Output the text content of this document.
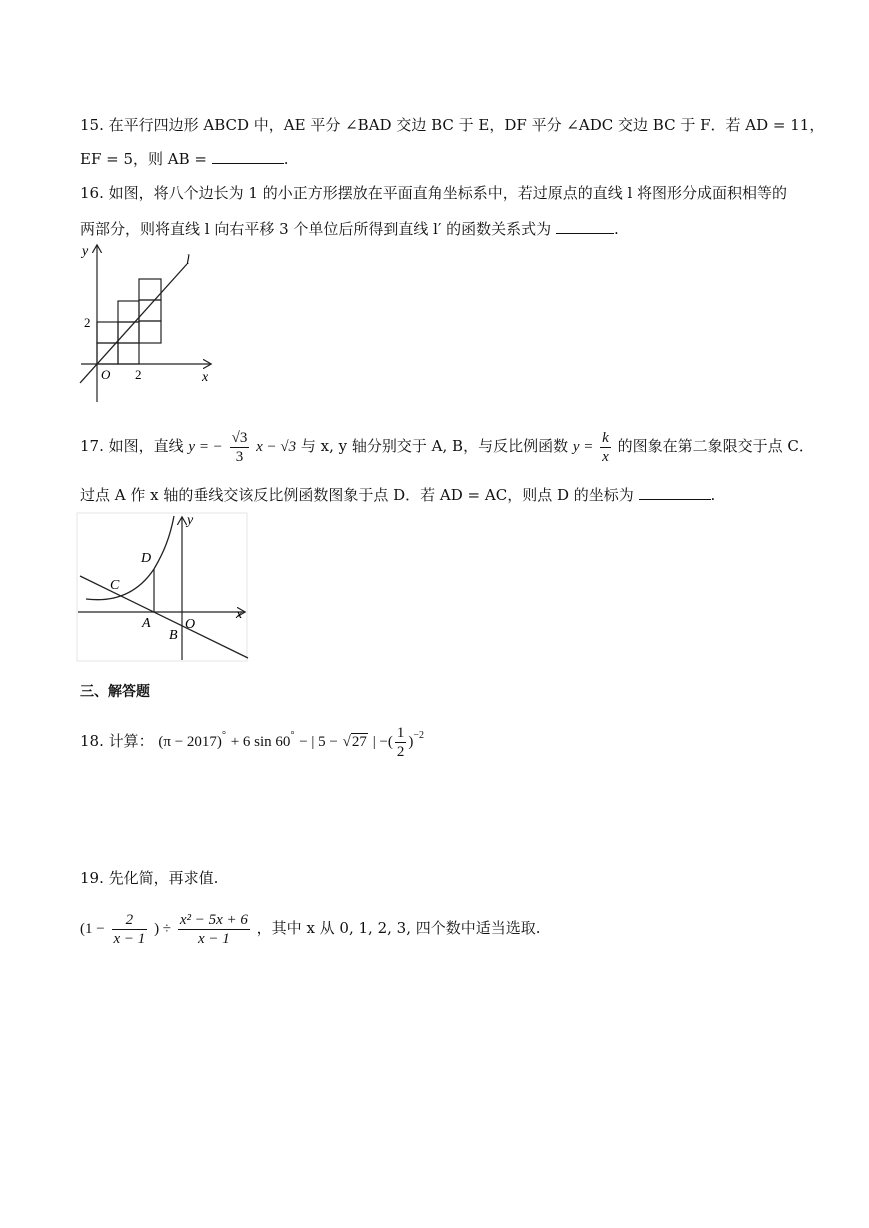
15. 在平行四边形 ABCD 中，AE 平分 ∠BAD 交边 BC 于 E，DF 平分 ∠ADC 交边 BC 于 F．若 AD = 11，
EF = 5，则 AB =	.
16. 如图，将八个边长为 1 的小正方形摆放在平面直角坐标系中，若过原点的直线 l 将图形分成面积相等的
两部分，则将直线 l 向右平移 3 个单位后所得到直线 l′ 的函数关系式为	.
y
l
2
O 2	x
17. 如图，直线 y = − $\frac{√3}{3}$ x − √3 与 x, y 轴分别交于 A, B，与反比例函数 $y = \frac{k}{x}$ 的图象在第二象限交于点 C．
过点 A 作 x 轴的垂线交该反比例函数图象于点 D．若 AD = AC，则点 D 的坐标为	.
y
D
C
x
A O
B
三、解答题
18. 计算： (π − 2017)° + 6 sin 60° − | 5 − √27 | −( $\frac{1}{2} )^{-2}$
19. 先化简，再求值.
($1 - \frac{2}{x - 1}$ ) ÷ $\frac{\text{x² − 5x + 6}}{x - 1}$ ，其中 x 从 0, 1, 2, 3, 四个数中适当选取.
